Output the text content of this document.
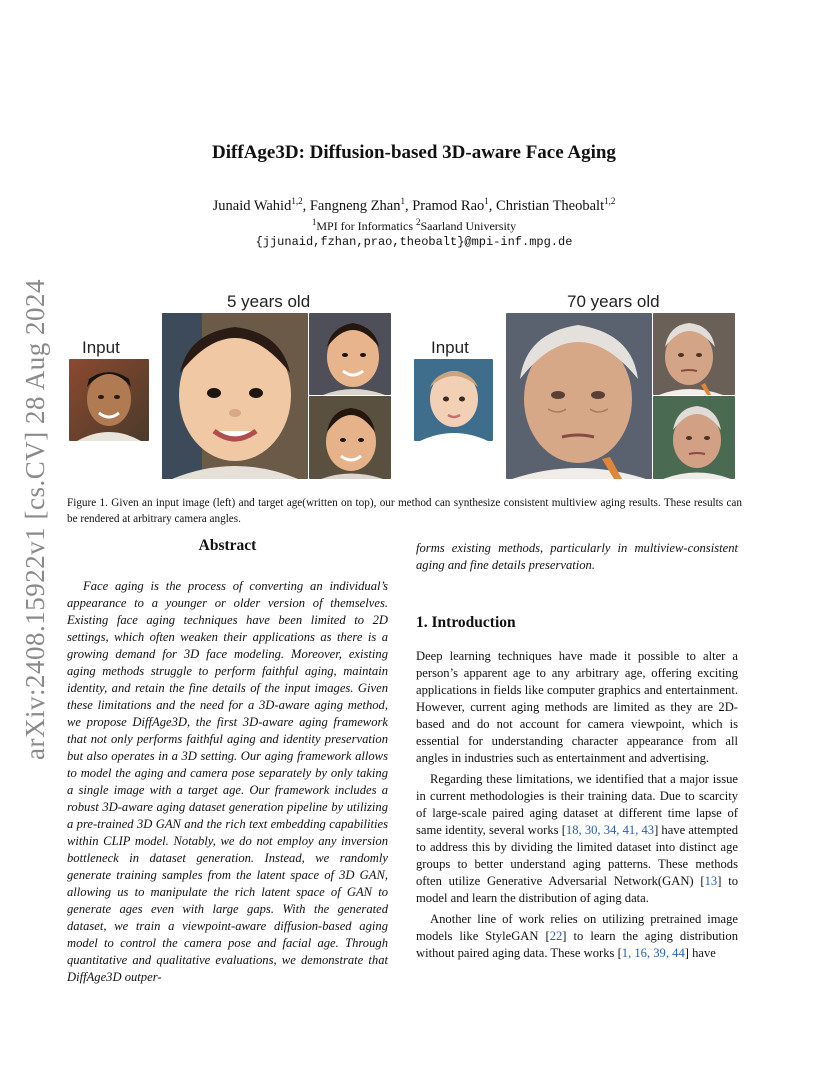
arXiv:2408.15922v1 [cs.CV] 28 Aug 2024
DiffAge3D: Diffusion-based 3D-aware Face Aging
Junaid Wahid$^{1,2}$, Fangneng Zhan$^1$, Pramod Rao$^1$, Christian Theobalt$^{1,2}$
$^1$MPI for Informatics $^2$Saarland University
{jjunaid,fzhan,prao,theobalt}@mpi-inf.mpg.de
Input
5 years old
Input
70 years old
Figure 1. Given an input image (left) and target age(written on top), our method can synthesize consistent multiview aging results. These results can be rendered at arbitrary camera angles.
Abstract

Face aging is the process of converting an individual’s appearance to a younger or older version of themselves. Existing face aging techniques have been limited to 2D settings, which often weaken their applications as there is a growing demand for 3D face modeling. Moreover, existing aging methods struggle to perform faithful aging, maintain identity, and retain the fine details of the input images. Given these limitations and the need for a 3D-aware aging method, we propose DiffAge3D, the first 3D-aware aging framework that not only performs faithful aging and identity preservation but also operates in a 3D setting. Our aging framework allows to model the aging and camera pose separately by only taking a single image with a target age. Our framework includes a robust 3D-aware aging dataset generation pipeline by utilizing a pre-trained 3D GAN and the rich text embedding capabilities within CLIP model. Notably, we do not employ any inversion bottleneck in dataset generation. Instead, we randomly generate training samples from the latent space of 3D GAN, allowing us to manipulate the rich latent space of GAN to generate ages even with large gaps. With the generated dataset, we train a viewpoint-aware diffusion-based aging model to control the camera pose and facial age. Through quantitative and qualitative evaluations, we demonstrate that DiffAge3D outper-

forms existing methods, particularly in multiview-consistent aging and fine details preservation.

1. Introduction

Deep learning techniques have made it possible to alter a person’s apparent age to any arbitrary age, offering exciting applications in fields like computer graphics and entertainment. However, current aging methods are limited as they are 2D-based and do not account for camera viewpoint, which is essential for understanding character appearance from all angles in industries such as entertainment and advertising.

Regarding these limitations, we identified that a major issue in current methodologies is their training data. Due to scarcity of large-scale paired aging dataset at different time lapse of same identity, several works [18, 30, 34, 41, 43] have attempted to address this by dividing the limited dataset into distinct age groups to better understand aging patterns. These methods often utilize Generative Adversarial Network(GAN) [13] to model and learn the distribution of aging data.

Another line of work relies on utilizing pretrained image models like StyleGAN [22] to learn the aging distribution without paired aging data. These works [1, 16, 39, 44] have
